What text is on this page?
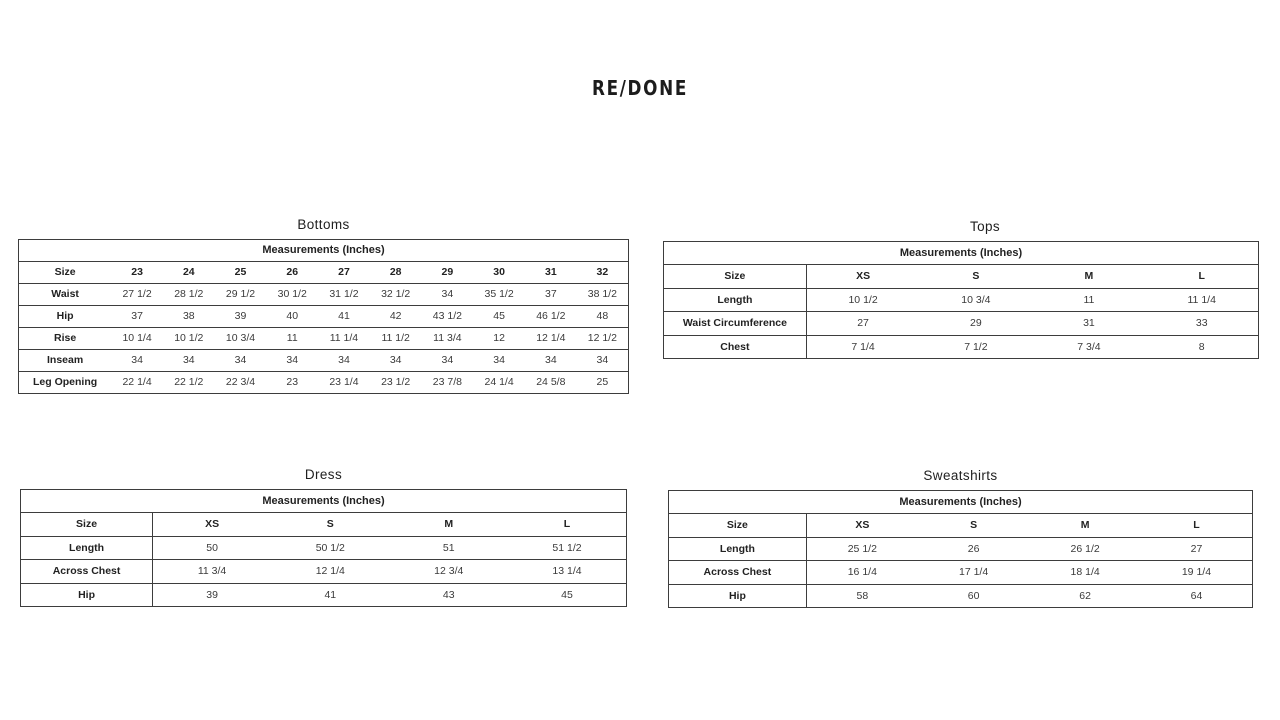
RE/DONE
Bottoms
Measurements (Inches)										
Size	23	24	25	26	27	28	29	30	31	32
Waist	27 1/2	28 1/2	29 1/2	30 1/2	31 1/2	32 1/2	34	35 1/2	37	38 1/2
Hip	37	38	39	40	41	42	43 1/2	45	46 1/2	48
Rise	10 1/4	10 1/2	10 3/4	11	11 1/4	11 1/2	11 3/4	12	12 1/4	12 1/2
Inseam	34	34	34	34	34	34	34	34	34	34
Leg Opening	22 1/4	22 1/2	22 3/4	23	23 1/4	23 1/2	23 7/8	24 1/4	24 5/8	25
Tops
Measurements (Inches)				
Size	XS	S	M	L
Length	10 1/2	10 3/4	11	11 1/4
Waist Circumference	27	29	31	33
Chest	7 1/4	7 1/2	7 3/4	8
Dress
Measurements (Inches)				
Size	XS	S	M	L
Length	50	50 1/2	51	51 1/2
Across Chest	11 3/4	12 1/4	12 3/4	13 1/4
Hip	39	41	43	45
Sweatshirts
Measurements (Inches)				
Size	XS	S	M	L
Length	25 1/2	26	26 1/2	27
Across Chest	16 1/4	17 1/4	18 1/4	19 1/4
Hip	58	60	62	64
